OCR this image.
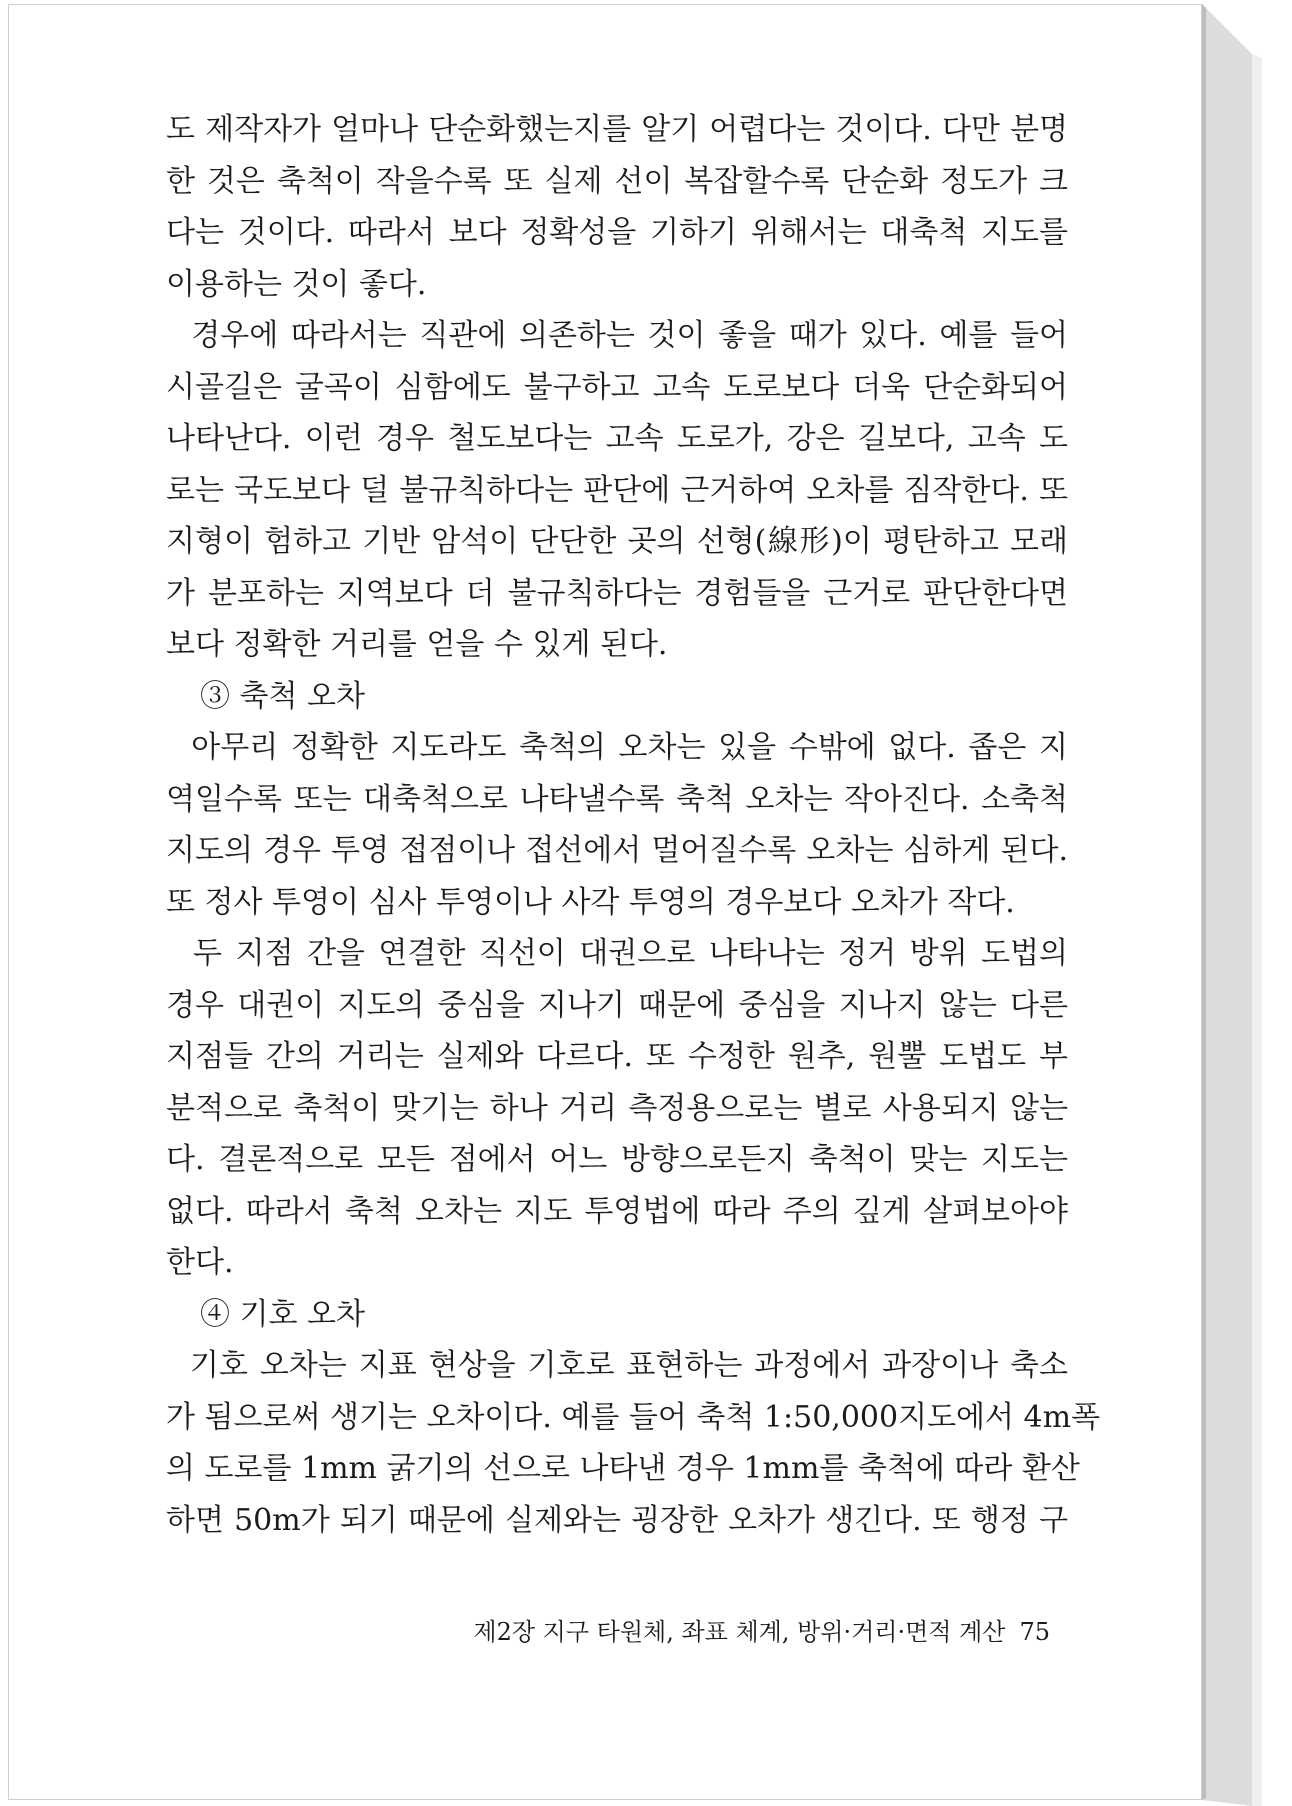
도 제작자가 얼마나 단순화했는지를 알기 어렵다는 것이다. 다만 분명
한 것은 축척이 작을수록 또 실제 선이 복잡할수록 단순화 정도가 크
다는 것이다. 따라서 보다 정확성을 기하기 위해서는 대축척 지도를
이용하는 것이 좋다.
경우에 따라서는 직관에 의존하는 것이 좋을 때가 있다. 예를 들어
시골길은 굴곡이 심함에도 불구하고 고속 도로보다 더욱 단순화되어
나타난다. 이런 경우 철도보다는 고속 도로가, 강은 길보다, 고속 도
로는 국도보다 덜 불규칙하다는 판단에 근거하여 오차를 짐작한다. 또
지형이 험하고 기반 암석이 단단한 곳의 선형(線形)이 평탄하고 모래
가 분포하는 지역보다 더 불규칙하다는 경험들을 근거로 판단한다면
보다 정확한 거리를 얻을 수 있게 된다.
③ 축척 오차
아무리 정확한 지도라도 축척의 오차는 있을 수밖에 없다. 좁은 지
역일수록 또는 대축척으로 나타낼수록 축척 오차는 작아진다. 소축척
지도의 경우 투영 접점이나 접선에서 멀어질수록 오차는 심하게 된다.
또 정사 투영이 심사 투영이나 사각 투영의 경우보다 오차가 작다.
두 지점 간을 연결한 직선이 대권으로 나타나는 정거 방위 도법의
경우 대권이 지도의 중심을 지나기 때문에 중심을 지나지 않는 다른
지점들 간의 거리는 실제와 다르다. 또 수정한 원추, 원뿔 도법도 부
분적으로 축척이 맞기는 하나 거리 측정용으로는 별로 사용되지 않는
다. 결론적으로 모든 점에서 어느 방향으로든지 축척이 맞는 지도는
없다. 따라서 축척 오차는 지도 투영법에 따라 주의 깊게 살펴보아야
한다.
④ 기호 오차
기호 오차는 지표 현상을 기호로 표현하는 과정에서 과장이나 축소
가 됨으로써 생기는 오차이다. 예를 들어 축척 1:50,000지도에서 4m폭
의 도로를 1mm 굵기의 선으로 나타낸 경우 1mm를 축척에 따라 환산
하면 50m가 되기 때문에 실제와는 굉장한 오차가 생긴다. 또 행정 구
제2장 지구 타원체, 좌표 체계, 방위·거리·면적 계산 75
